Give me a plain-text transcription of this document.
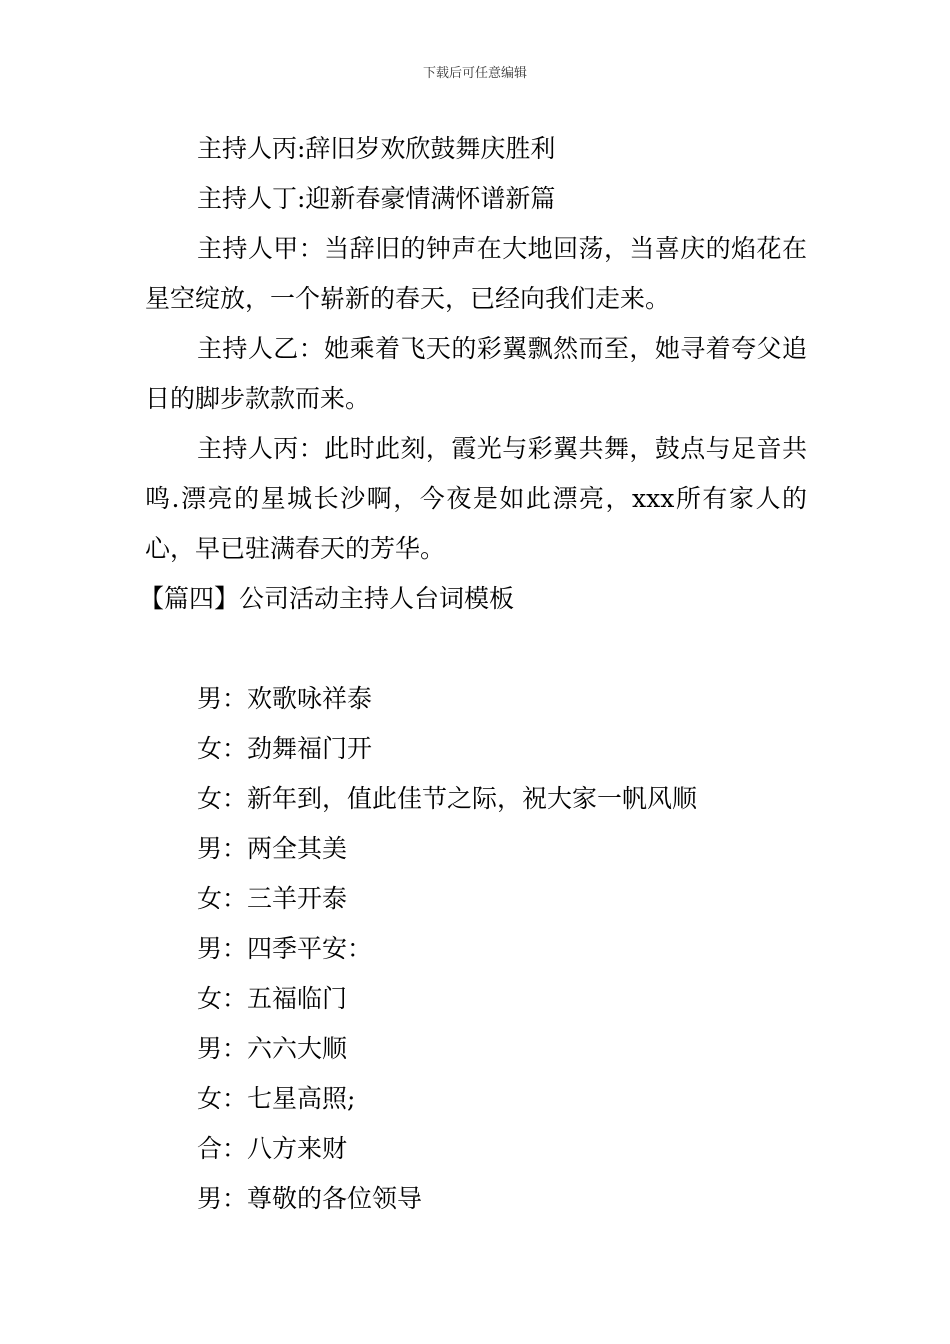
下载后可任意编辑

主持人丙:辞旧岁欢欣鼓舞庆胜利

主持人丁:迎新春豪情满怀谱新篇

主持人甲：当辞旧的钟声在大地回荡，当喜庆的焰花在星空绽放，一个崭新的春天，已经向我们走来。

主持人乙：她乘着飞天的彩翼飘然而至，她寻着夸父追日的脚步款款而来。

主持人丙：此时此刻，霞光与彩翼共舞，鼓点与足音共鸣.漂亮的星城长沙啊，今夜是如此漂亮，xxx所有家人的心，早已驻满春天的芳华。

【篇四】公司活动主持人台词模板

男：欢歌咏祥泰

女：劲舞福门开

女：新年到，值此佳节之际，祝大家一帆风顺

男：两全其美

女：三羊开泰

男：四季平安：

女：五福临门

男：六六大顺

女：七星高照;

合：八方来财

男：尊敬的各位领导
